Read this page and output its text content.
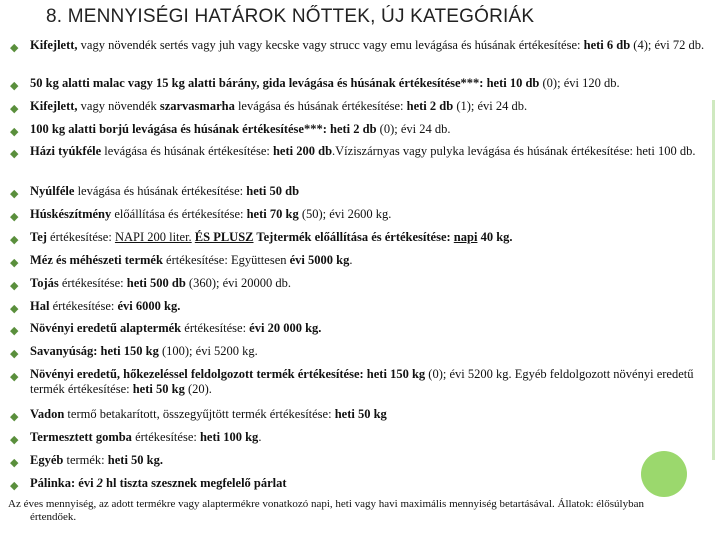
8. MENNYISÉGI HATÁROK NŐTTEK, ÚJ KATEGÓRIÁK
◆ Kifejlett, vagy növendék sertés vagy juh vagy kecske vagy strucc vagy emu levágása és húsának értékesítése: heti 6 db (4); évi 72 db.
◆ 50 kg alatti malac vagy 15 kg alatti bárány, gida levágása és húsának értékesítése***: heti 10 db (0); évi 120 db.
◆ Kifejlett, vagy növendék szarvasmarha levágása és húsának értékesítése: heti 2 db (1); évi 24 db.
◆ 100 kg alatti borjú levágása és húsának értékesítése***: heti 2 db (0); évi 24 db.
◆ Házi tyúkféle levágása és húsának értékesítése: heti 200 db.Víziszárnyas vagy pulyka levágása és húsának értékesítése: heti 100 db.
◆ Nyúlféle levágása és húsának értékesítése: heti 50 db
◆ Húskészítmény előállítása és értékesítése: heti 70 kg (50); évi 2600 kg.
◆ Tej értékesítése: NAPI 200 liter. ÉS PLUSZ Tejtermék előállítása és értékesítése: napi 40 kg.
◆ Méz és méhészeti termék értékesítése: Együttesen évi 5000 kg.
◆ Tojás értékesítése: heti 500 db (360); évi 20000 db.
◆ Hal értékesítése: évi 6000 kg.
◆ Növényi eredetű alaptermék értékesítése: évi 20 000 kg.
◆ Savanyúság: heti 150 kg (100); évi 5200 kg.
◆ Növényi eredetű, hőkezeléssel feldolgozott termék értékesítése: heti 150 kg (0); évi 5200 kg. Egyéb feldolgozott növényi eredetű termék értékesítése: heti 50 kg (20).
◆ Vadon termő betakarított, összegyűjtött termék értékesítése: heti 50 kg
◆ Termesztett gomba értékesítése: heti 100 kg.
◆ Egyéb termék: heti 50 kg.
◆ Pálinka: évi 2 hl tiszta szesznek megfelelő párlat
Az éves mennyiség, az adott termékre vagy alaptermékre vonatkozó napi, heti vagy havi maximális mennyiség betartásával. Állatok: élősúlyban
értendőek.
